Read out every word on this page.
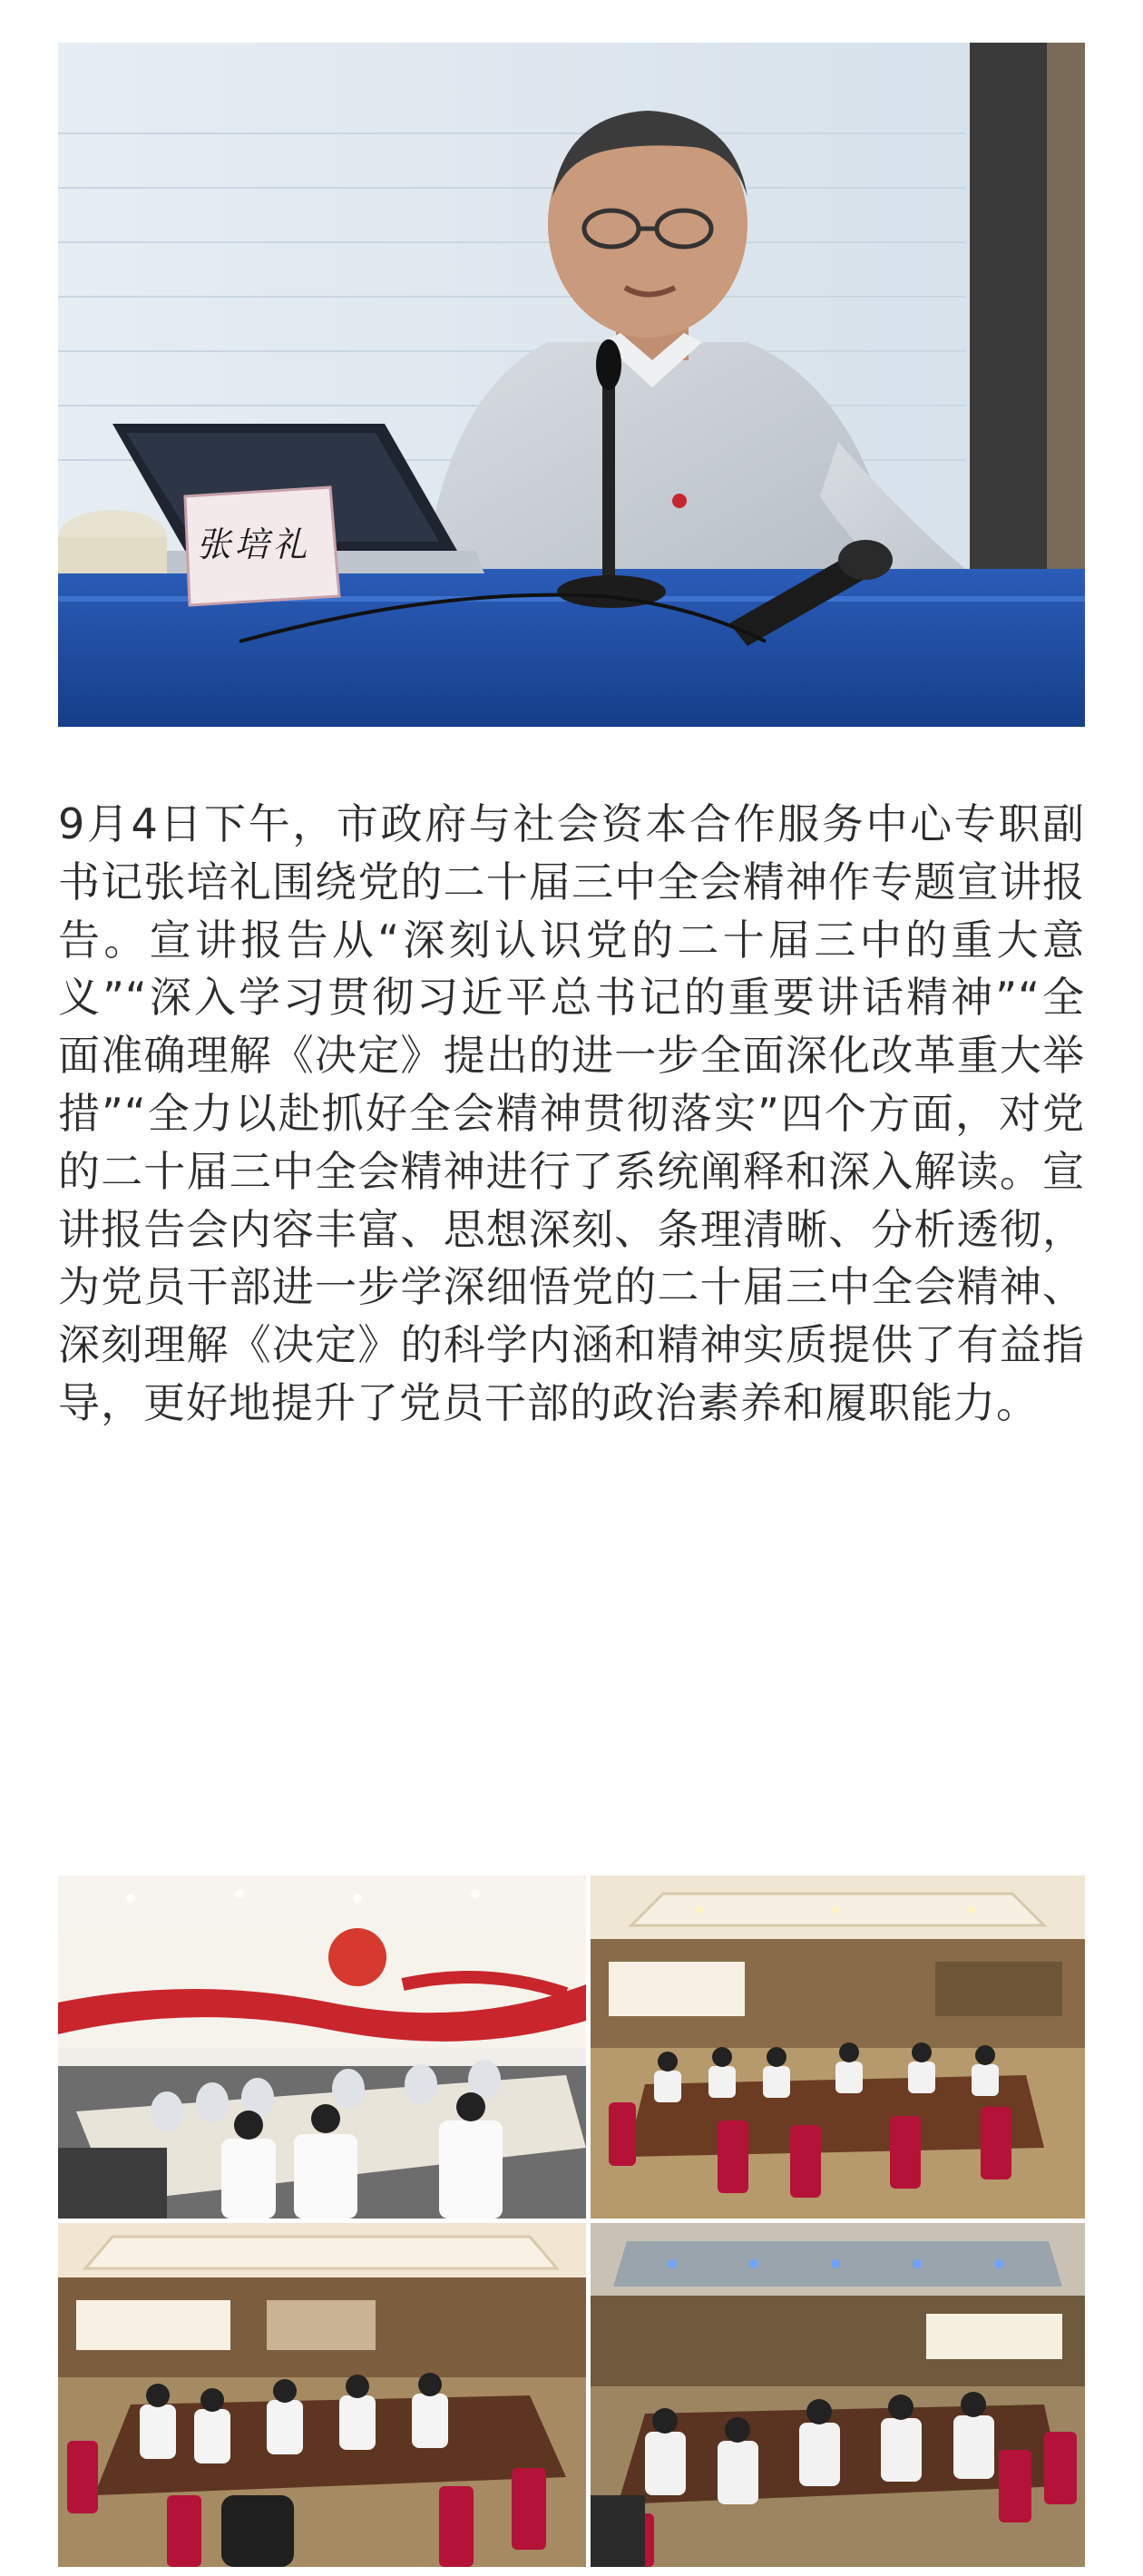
张培礼

9月4日下午，市政府与社会资本合作服务中心专职副书记张培礼围绕党的二十届三中全会精神作专题宣讲报告。宣讲报告从“深刻认识党的二十届三中的重大意义”“深入学习贯彻习近平总书记的重要讲话精神”“全面准确理解《决定》提出的进一步全面深化改革重大举措”“全力以赴抓好全会精神贯彻落实”四个方面，对党的二十届三中全会精神进行了系统阐释和深入解读。宣讲报告会内容丰富、思想深刻、条理清晰、分析透彻，为党员干部进一步学深细悟党的二十届三中全会精神、深刻理解《决定》的科学内涵和精神实质提供了有益指导，更好地提升了党员干部的政治素养和履职能力。
